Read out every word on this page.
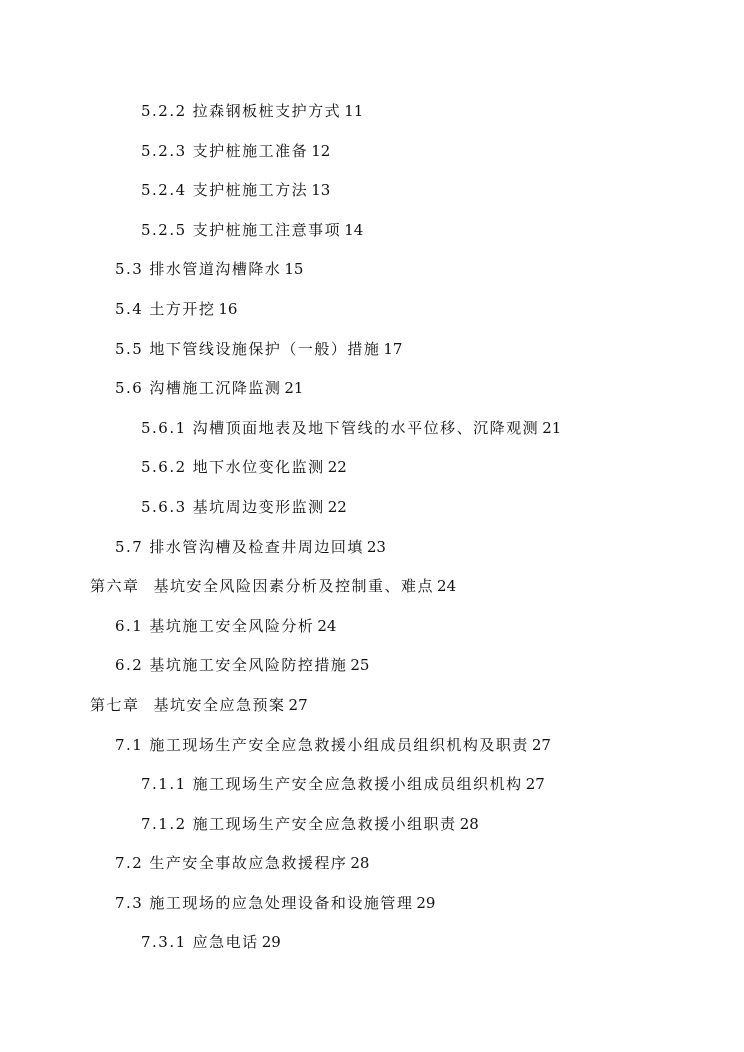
5.2.2 拉森钢板桩支护方式 11
5.2.3 支护桩施工准备 12
5.2.4 支护桩施工方法 13
5.2.5 支护桩施工注意事项 14
5.3 排水管道沟槽降水 15
5.4 土方开挖 16
5.5 地下管线设施保护（一般）措施 17
5.6 沟槽施工沉降监测 21
5.6.1 沟槽顶面地表及地下管线的水平位移、沉降观测 21
5.6.2 地下水位变化监测 22
5.6.3 基坑周边变形监测 22
5.7 排水管沟槽及检查井周边回填 23
第六章 基坑安全风险因素分析及控制重、难点 24
6.1 基坑施工安全风险分析 24
6.2 基坑施工安全风险防控措施 25
第七章 基坑安全应急预案 27
7.1 施工现场生产安全应急救援小组成员组织机构及职责 27
7.1.1 施工现场生产安全应急救援小组成员组织机构 27
7.1.2 施工现场生产安全应急救援小组职责 28
7.2 生产安全事故应急救援程序 28
7.3 施工现场的应急处理设备和设施管理 29
7.3.1 应急电话 29
